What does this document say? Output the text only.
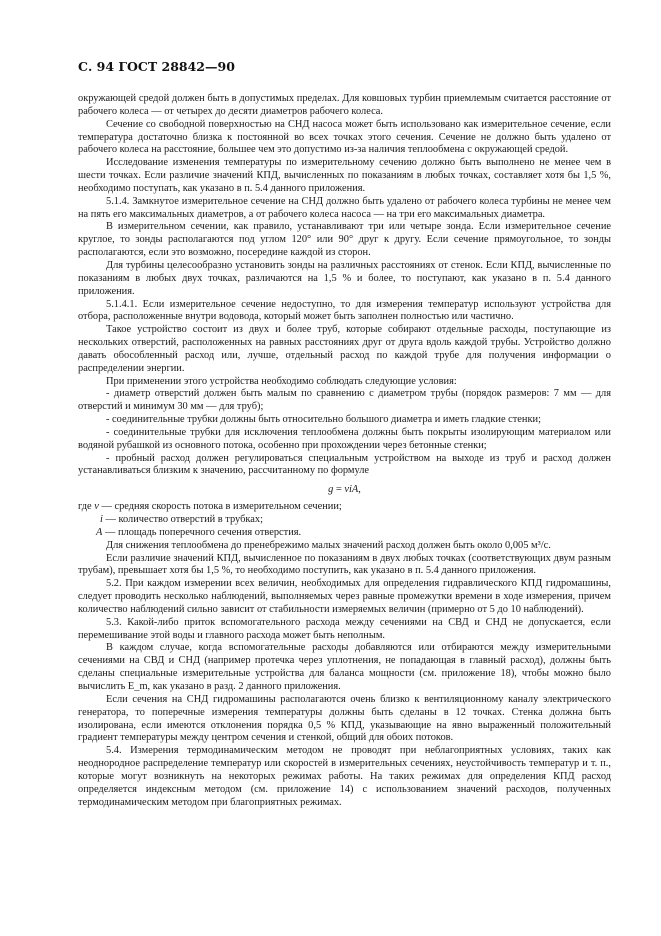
С. 94 ГОСТ 28842—90

окружающей средой должен быть в допустимых пределах. Для ковшовых турбин приемлемым считается расстояние от рабочего колеса — от четырех до десяти диаметров рабочего колеса.

Сечение со свободной поверхностью на СНД насоса может быть использовано как измерительное сечение, если температура достаточно близка к постоянной во всех точках этого сечения. Сечение не должно быть удалено от рабочего колеса на расстояние, большее чем это допустимо из-за наличия теплообмена с окружающей средой.

Исследование изменения температуры по измерительному сечению должно быть выполнено не менее чем в шести точках. Если различие значений КПД, вычисленных по показаниям в любых точках, составляет хотя бы 1,5 %, необходимо поступать, как указано в п. 5.4 данного приложения.

5.1.4. Замкнутое измерительное сечение на СНД должно быть удалено от рабочего колеса турбины не менее чем на пять его максимальных диаметров, а от рабочего колеса насоса — на три его максимальных диаметра.

В измерительном сечении, как правило, устанавливают три или четыре зонда. Если измерительное сечение круглое, то зонды располагаются под углом 120° или 90° друг к другу. Если сечение прямоугольное, то зонды располагаются, если это возможно, посередине каждой из сторон.

Для турбины целесообразно установить зонды на различных расстояниях от стенок. Если КПД, вычисленные по показаниям в любых двух точках, различаются на 1,5 % и более, то поступают, как указано в п. 5.4 данного приложения.

5.1.4.1. Если измерительное сечение недоступно, то для измерения температур используют устройства для отбора, расположенные внутри водовода, который может быть заполнен полностью или частично.

Такое устройство состоит из двух и более труб, которые собирают отдельные расходы, поступающие из нескольких отверстий, расположенных на равных расстояниях друг от друга вдоль каждой трубы. Устройство должно давать обособленный расход или, лучше, отдельный расход по каждой трубе для получения информации о распределении энергии.

При применении этого устройства необходимо соблюдать следующие условия:

- диаметр отверстий должен быть малым по сравнению с диаметром трубы (порядок размеров: 7 мм — для отверстий и минимум 30 мм — для труб);

- соединительные трубки должны быть относительно большого диаметра и иметь гладкие стенки;

- соединительные трубки для исключения теплообмена должны быть покрыты изолирующим материалом или водяной рубашкой из основного потока, особенно при прохождении через бетонные стенки;

- пробный расход должен регулироваться специальным устройством на выходе из труб и расход должен устанавливаться близким к значению, рассчитанному по формуле

g = viA,

где v — средняя скорость потока в измерительном сечении;

i — количество отверстий в трубках;

A — площадь поперечного сечения отверстия.

Для снижения теплообмена до пренебрежимо малых значений расход должен быть около 0,005 м³/с.

Если различие значений КПД, вычисленное по показаниям в двух любых точках (соответствующих двум разным трубам), превышает хотя бы 1,5 %, то необходимо поступить, как указано в п. 5.4 данного приложения.

5.2. При каждом измерении всех величин, необходимых для определения гидравлического КПД гидромашины, следует проводить несколько наблюдений, выполняемых через равные промежутки времени в ходе измерения, причем количество наблюдений сильно зависит от стабильности измеряемых величин (примерно от 5 до 10 наблюдений).

5.3. Какой-либо приток вспомогательного расхода между сечениями на СВД и СНД не допускается, если перемешивание этой воды и главного расхода может быть неполным.

В каждом случае, когда вспомогательные расходы добавляются или отбираются между измерительными сечениями на СВД и СНД (например протечка через уплотнения, не попадающая в главный расход), должны быть сделаны специальные измерительные устройства для баланса мощности (см. приложение 18), чтобы можно было вычислить E_m, как указано в разд. 2 данного приложения.

Если сечения на СНД гидромашины располагаются очень близко к вентиляционному каналу электрического генератора, то поперечные измерения температуры должны быть сделаны в 12 точках. Стенка должна быть изолирована, если имеются отклонения порядка 0,5 % КПД, указывающие на явно выраженный положительный градиент температуры между центром сечения и стенкой, общий для обоих потоков.

5.4. Измерения термодинамическим методом не проводят при неблагоприятных условиях, таких как неоднородное распределение температур или скоростей в измерительных сечениях, неустойчивость температур и т. п., которые могут возникнуть на некоторых режимах работы. На таких режимах для определения КПД расход определяется индексным методом (см. приложение 14) с использованием значений расходов, полученных термодинамическим методом при благоприятных режимах.
